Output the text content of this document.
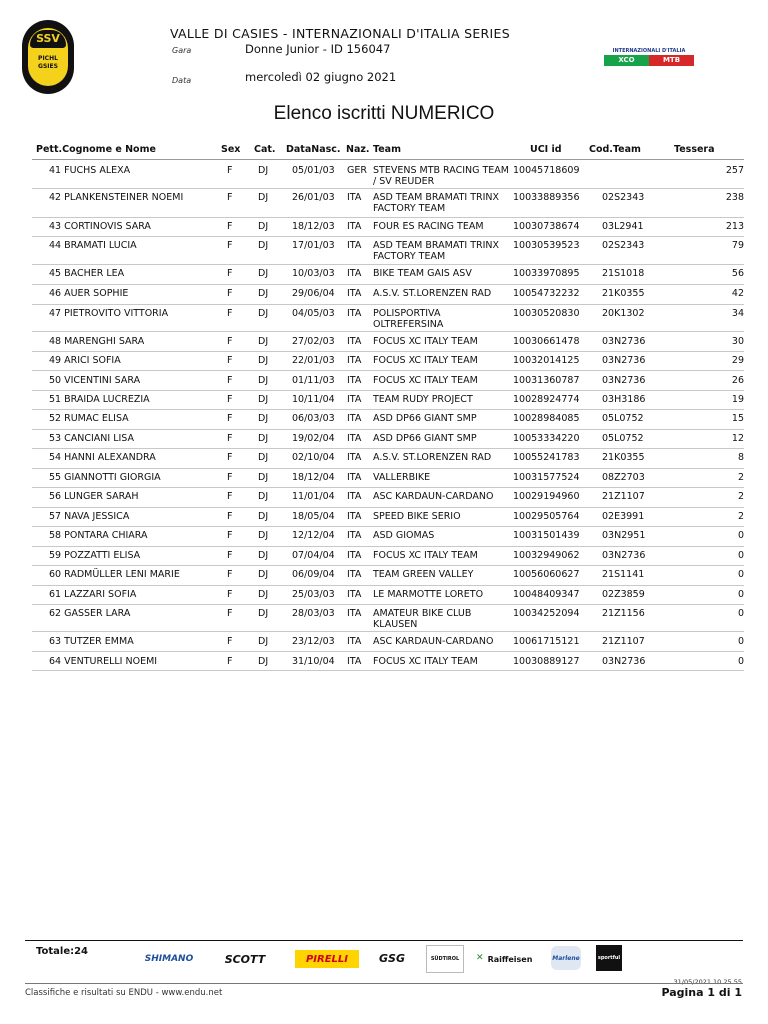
SSV
PICHL
GSIES
VALLE DI CASIES - INTERNAZIONALI D'ITALIA SERIES
Gara	Donne Junior - ID 156047
Data	mercoledì 02 giugno 2021
INTERNAZIONALI D'ITALIA
XCO	MTB
Elenco iscritti NUMERICO
Pett.Cognome e Nome	Sex Cat. DataNasc. Naz. Team	UCI id	Cod.Team	Tessera
41 FUCHS ALEXA	F	DJ	05/01/03 GER STEVENS MTB RACING TEAM / SV REUDER
10045718609	257
42 PLANKENSTEINER NOEMI	F	DJ	26/01/03 ITA ASD TEAM BRAMATI TRINX FACTORY TEAM
10033889356 02S2343	238
43 CORTINOVIS SARA	F	DJ	18/12/03 ITA FOUR ES RACING TEAM	10030738674 03L2941	213
44 BRAMATI LUCIA	F	DJ	17/01/03 ITA ASD TEAM BRAMATI TRINX FACTORY TEAM
10030539523 02S2343	79
45 BACHER LEA	F	DJ	10/03/03 ITA BIKE TEAM GAIS ASV	10033970895 21S1018	56
46 AUER SOPHIE	F	DJ	29/06/04 ITA A.S.V. ST.LORENZEN RAD	10054732232 21K0355	42
47 PIETROVITO VITTORIA	F	DJ	04/05/03 ITA POLISPORTIVA OLTREFERSINA
10030520830 20K1302	34
48 MARENGHI SARA	F	DJ	27/02/03 ITA FOCUS XC ITALY TEAM	10030661478 03N2736	30
49 ARICI SOFIA	F	DJ	22/01/03 ITA FOCUS XC ITALY TEAM	10032014125 03N2736	29
50 VICENTINI SARA	F	DJ	01/11/03 ITA FOCUS XC ITALY TEAM	10031360787 03N2736	26
51 BRAIDA LUCREZIA	F	DJ	10/11/04 ITA TEAM RUDY PROJECT	10028924774 03H3186	19
52 RUMAC ELISA	F	DJ	06/03/03 ITA ASD DP66 GIANT SMP	10028984085 05L0752	15
53 CANCIANI LISA	F	DJ	19/02/04 ITA ASD DP66 GIANT SMP	10053334220 05L0752	12
54 HANNI ALEXANDRA	F	DJ	02/10/04 ITA A.S.V. ST.LORENZEN RAD	10055241783 21K0355	8
55 GIANNOTTI GIORGIA	F	DJ	18/12/04 ITA VALLERBIKE	10031577524 08Z2703	2
56 LUNGER SARAH	F	DJ	11/01/04 ITA ASC KARDAUN-CARDANO	10029194960 21Z1107	2
57 NAVA JESSICA	F	DJ	18/05/04 ITA SPEED BIKE SERIO	10029505764 02E3991	2
58 PONTARA CHIARA	F	DJ	12/12/04 ITA ASD GIOMAS	10031501439 03N2951	0
59 POZZATTI ELISA	F	DJ	07/04/04 ITA FOCUS XC ITALY TEAM	10032949062 03N2736	0
60 RADMÜLLER LENI MARIE	F	DJ	06/09/04 ITA TEAM GREEN VALLEY	10056060627 21S1141	0
61 LAZZARI SOFIA	F	DJ	25/03/03 ITA LE MARMOTTE LORETO	10048409347 02Z3859	0
62 GASSER LARA	F	DJ	28/03/03 ITA AMATEUR BIKE CLUB KLAUSEN
10034252094 21Z1156	0
63 TUTZER EMMA	F	DJ	23/12/03 ITA ASC KARDAUN-CARDANO	10061715121 21Z1107	0
64 VENTURELLI NOEMI	F	DJ	31/10/04 ITA FOCUS XC ITALY TEAM	10030889127 03N2736	0
Totale:24
SHIMANO	SCOTT	PIRELLI	GSG	SÜDTIROL	✕ Raiffeisen	Marlene	sportful
31/05/2021 10.25.55
Classifiche e risultati su ENDU - www.endu.net	Pagina 1 di 1
